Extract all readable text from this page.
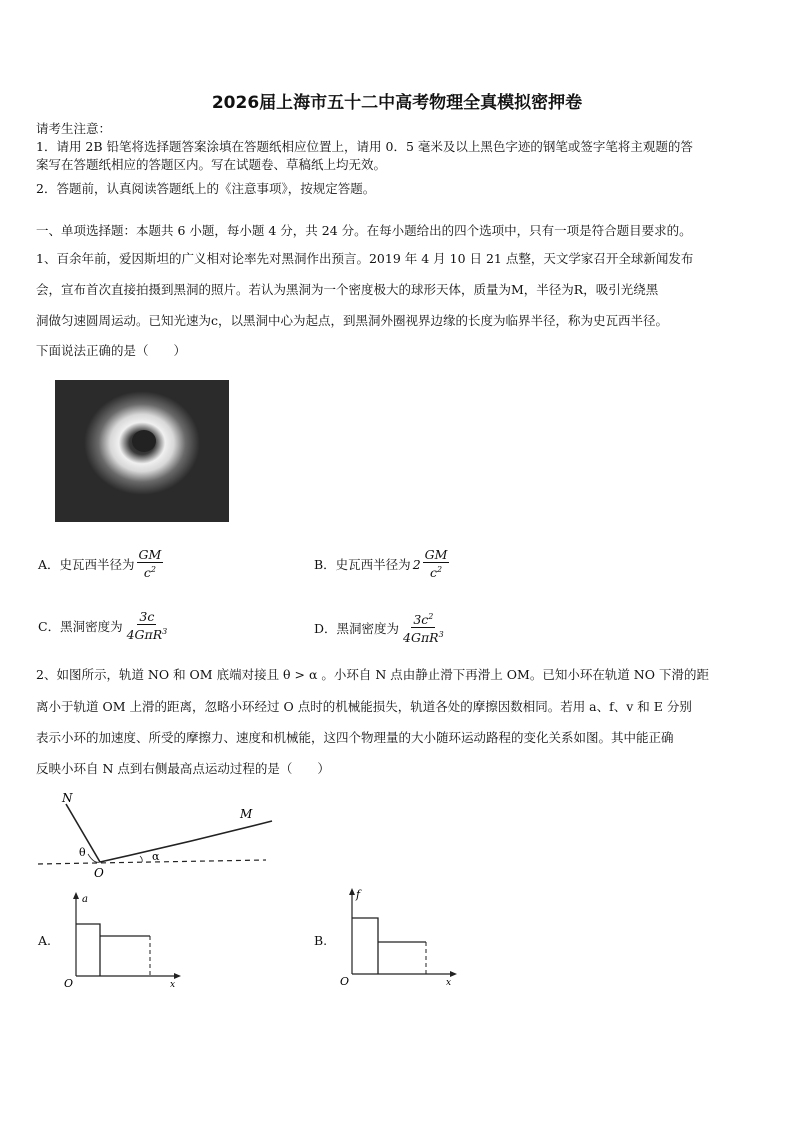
2026届上海市五十二中高考物理全真模拟密押卷
请考生注意：
1．请用 2B 铅笔将选择题答案涂填在答题纸相应位置上，请用 0．5 毫米及以上黑色字迹的钢笔或签字笔将主观题的答
案写在答题纸相应的答题区内。写在试题卷、草稿纸上均无效。
2．答题前，认真阅读答题纸上的《注意事项》，按规定答题。
一、单项选择题：本题共 6 小题，每小题 4 分，共 24 分。在每小题给出的四个选项中，只有一项是符合题目要求的。
1、百余年前，爱因斯坦的广义相对论率先对黑洞作出预言。2019 年 4 月 10 日 21 点整，天文学家召开全球新闻发布
会，宣布首次直接拍摄到黑洞的照片。若认为黑洞为一个密度极大的球形天体，质量为M，半径为R，吸引光绕黑
洞做匀速圆周运动。已知光速为c，以黑洞中心为起点，到黑洞外圈视界边缘的长度为临界半径，称为史瓦西半径。
下面说法正确的是（　　）
A．史瓦西半径为 $\frac{GM}{c^2}$	B．史瓦西半径为 $2 \frac{GM}{c^2}$
C．黑洞密度为 $\frac{3c}{4G\pi R^3}$	D．黑洞密度为 $\frac{3c^2}{4G\pi R^3}$
2、如图所示，轨道 NO 和 OM 底端对接且 θ > α 。小环自 N 点由静止滑下再滑上 OM。已知小环在轨道 NO 下滑的距
离小于轨道 OM 上滑的距离，忽略小环经过 O 点时的机械能损失，轨道各处的摩擦因数相同。若用 a、f、v 和 E 分别
表示小环的加速度、所受的摩擦力、速度和机械能，这四个物理量的大小随环运动路程的变化关系如图。其中能正确
反映小环自 N 点到右侧最高点运动过程的是（　　）
N
M
O
θ	α
A.
a
x
O
B.
f
x
O
